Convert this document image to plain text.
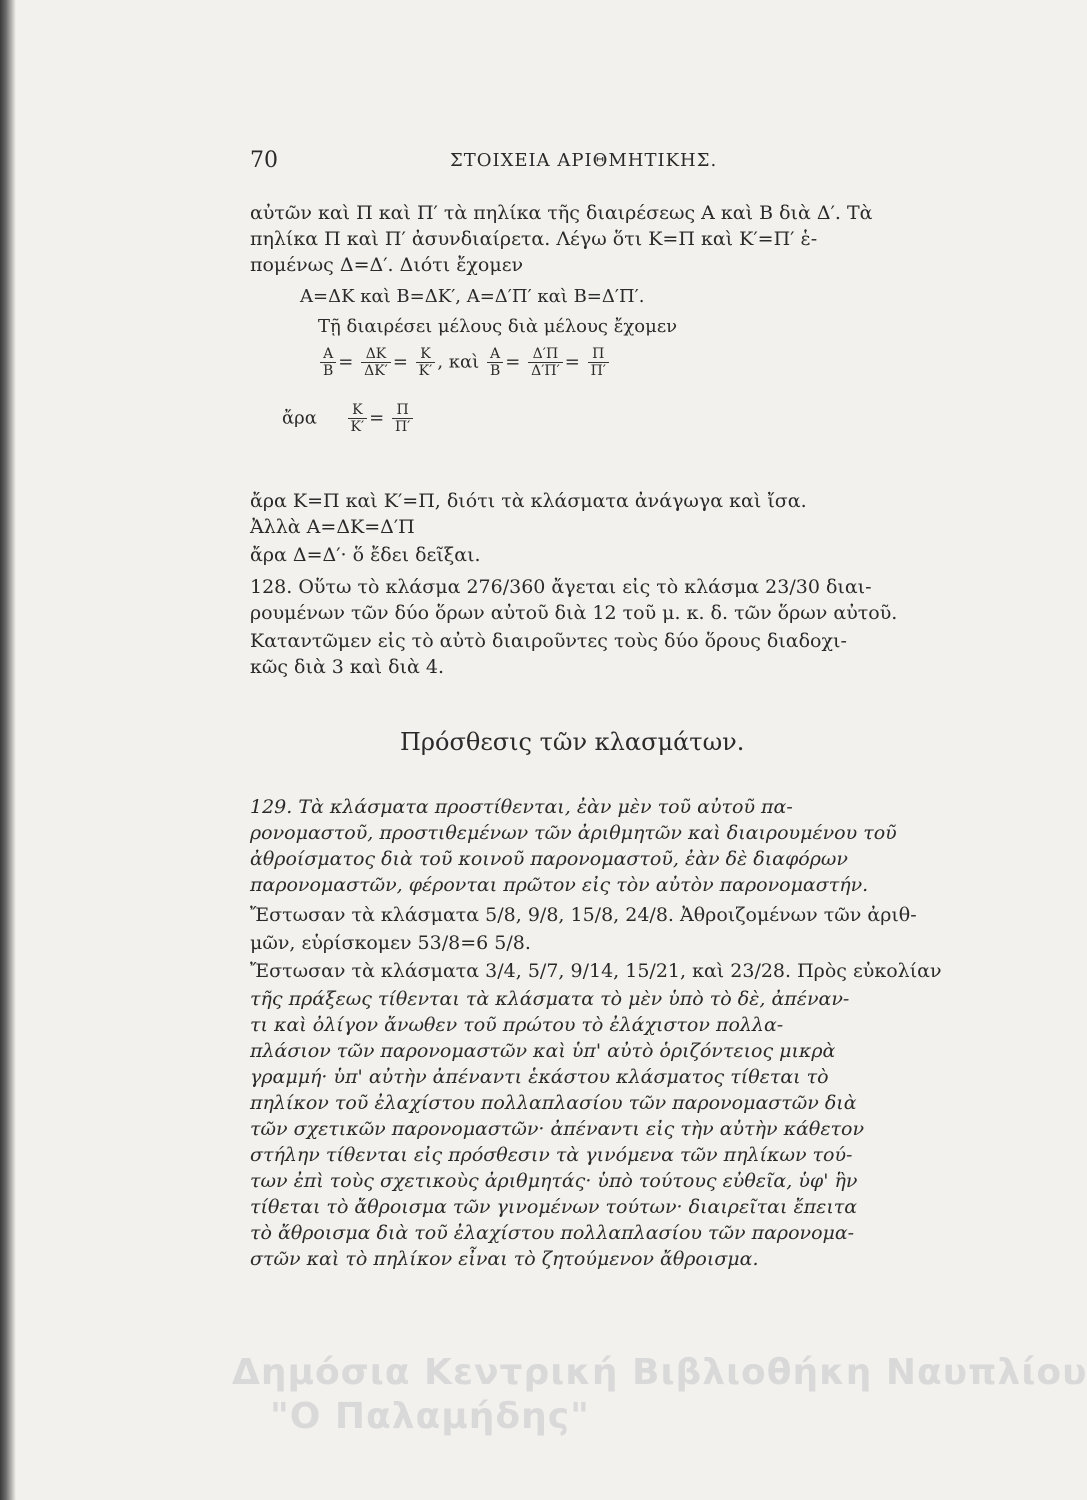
70	ΣΤΟΙΧΕΙΑ ΑΡΙΘΜΗΤΙΚΗΣ.
αὐτῶν καὶ Π καὶ Π′ τὰ πηλίκα τῆς διαιρέσεως Α καὶ Β διὰ Δ′. Τὰ
πηλίκα Π καὶ Π′ ἀσυνδιαίρετα. Λέγω ὅτι Κ=Π καὶ Κ′=Π′ ἑ-
πομένως Δ=Δ′. Διότι ἔχομεν
Α=ΔΚ καὶ Β=ΔΚ′, Α=Δ′Π′ καὶ Β=Δ′Π′.
Τῇ διαιρέσει μέλους διὰ μέλους ἔχομεν
$\frac{A}{B} = \frac{\Delta K}{\Delta K'} = \frac{K}{K'}$ , καὶ $\frac{A}{B} = \frac{\Delta'\Pi}{\Delta'\Pi'} = \frac{\Pi}{\Pi'}$
ἄρα $\frac{K}{K'} = \frac{\Pi}{\Pi'}$
ἄρα Κ=Π καὶ Κ′=Π, διότι τὰ κλάσματα ἀνάγωγα καὶ ἴσα.
Ἀλλὰ Α=ΔΚ=Δ′Π
ἄρα Δ=Δ′· ὅ ἔδει δεῖξαι.
128. Οὕτω τὸ κλάσμα 276/360 ἄγεται εἰς τὸ κλάσμα 23/30 διαι-
ρουμένων τῶν δύο ὅρων αὐτοῦ διὰ 12 τοῦ μ. κ. δ. τῶν ὅρων αὐτοῦ.
Καταντῶμεν εἰς τὸ αὐτὸ διαιροῦντες τοὺς δύο ὅρους διαδοχι-
κῶς διὰ 3 καὶ διὰ 4.
Πρόσθεσις τῶν κλασμάτων.
129. Τὰ κλάσματα προστίθενται, ἐὰν μὲν τοῦ αὐτοῦ πα-
ρονομαστοῦ, προστιθεμένων τῶν ἀριθμητῶν καὶ διαιρουμένου τοῦ
ἀθροίσματος διὰ τοῦ κοινοῦ παρονομαστοῦ, ἐὰν δὲ διαφόρων
παρονομαστῶν, φέρονται πρῶτον εἰς τὸν αὐτὸν παρονομαστήν.
Ἔστωσαν τὰ κλάσματα 5/8, 9/8, 15/8, 24/8. Ἀθροιζομένων τῶν ἀριθ-
μῶν, εὑρίσκομεν 53/8=6 5/8.
Ἔστωσαν τὰ κλάσματα 3/4, 5/7, 9/14, 15/21, καὶ 23/28. Πρὸς εὐκολίαν
τῆς πράξεως τίθενται τὰ κλάσματα τὸ μὲν ὑπὸ τὸ δὲ, ἀπέναν-
τι καὶ ὀλίγον ἄνωθεν τοῦ πρώτου τὸ ἐλάχιστον πολλα-
πλάσιον τῶν παρονομαστῶν καὶ ὑπ' αὐτὸ ὁριζόντειος μικρὰ
γραμμή· ὑπ' αὐτὴν ἀπέναντι ἑκάστου κλάσματος τίθεται τὸ
πηλίκον τοῦ ἐλαχίστου πολλαπλασίου τῶν παρονομαστῶν διὰ
τῶν σχετικῶν παρονομαστῶν· ἀπέναντι εἰς τὴν αὐτὴν κάθετον
στήλην τίθενται εἰς πρόσθεσιν τὰ γινόμενα τῶν πηλίκων τού-
των ἐπὶ τοὺς σχετικοὺς ἀριθμητάς· ὑπὸ τούτους εὐθεῖα, ὑφ' ἣν
τίθεται τὸ ἄθροισμα τῶν γινομένων τούτων· διαιρεῖται ἔπειτα
τὸ ἄθροισμα διὰ τοῦ ἐλαχίστου πολλαπλασίου τῶν παρονομα-
στῶν καὶ τὸ πηλίκον εἶναι τὸ ζητούμενον ἄθροισμα.
Δημόσια Κεντρική Βιβλιοθήκη Ναυπλίου
"Ο Παλαμήδης"
